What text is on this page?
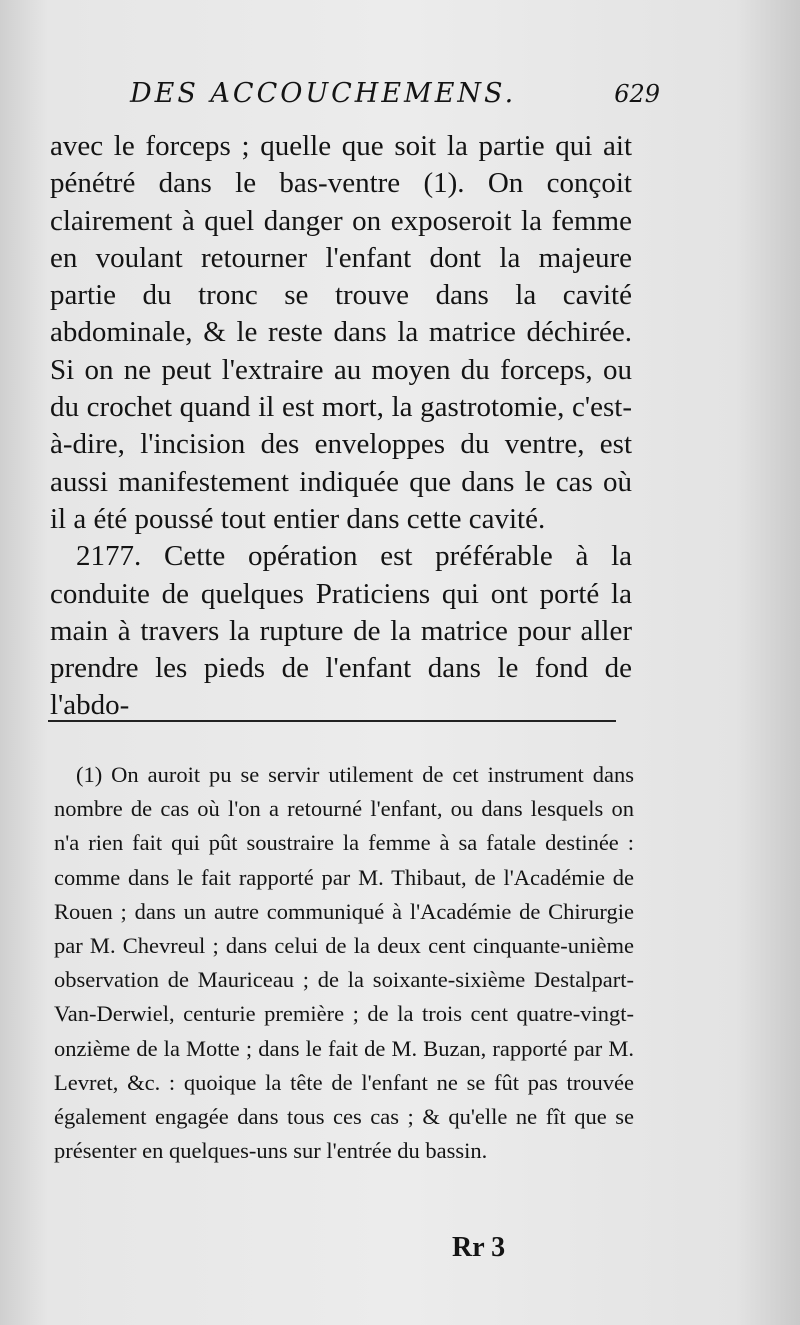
DES ACCOUCHEMENS.	629

avec le forceps ; quelle que soit la partie qui ait pénétré dans le bas-ventre (1). On conçoit clairement à quel danger on exposeroit la femme en voulant retourner l'enfant dont la majeure partie du tronc se trouve dans la cavité abdominale, & le reste dans la matrice déchirée. Si on ne peut l'extraire au moyen du forceps, ou du crochet quand il est mort, la gastrotomie, c'est-à-dire, l'incision des enveloppes du ventre, est aussi manifestement indiquée que dans le cas où il a été poussé tout entier dans cette cavité.

2177. Cette opération est préférable à la conduite de quelques Praticiens qui ont porté la main à travers la rupture de la matrice pour aller prendre les pieds de l'enfant dans le fond de l'abdo-

(1) On auroit pu se servir utilement de cet instrument dans nombre de cas où l'on a retourné l'enfant, ou dans lesquels on n'a rien fait qui pût soustraire la femme à sa fatale destinée : comme dans le fait rapporté par M. Thibaut, de l'Académie de Rouen ; dans un autre communiqué à l'Académie de Chirurgie par M. Chevreul ; dans celui de la deux cent cinquante-unième observation de Mauriceau ; de la soixante-sixième Destalpart-Van-Derwiel, centurie première ; de la trois cent quatre-vingt-onzième de la Motte ; dans le fait de M. Buzan, rapporté par M. Levret, &c. : quoique la tête de l'enfant ne se fût pas trouvée également engagée dans tous ces cas ; & qu'elle ne fît que se présenter en quelques-uns sur l'entrée du bassin.

Rr 3
